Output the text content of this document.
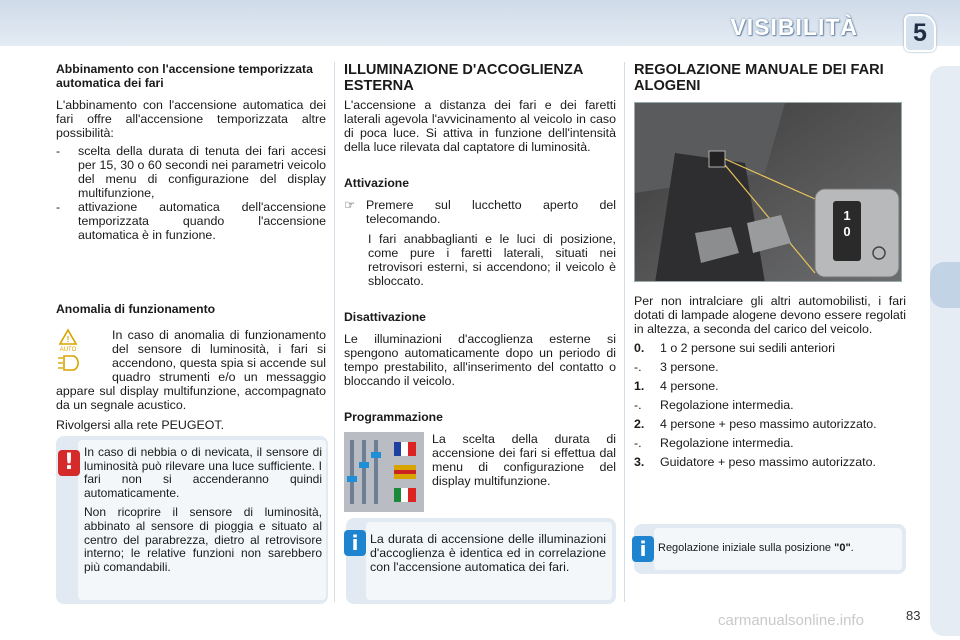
VISIBILITÀ 5

Abbinamento con l'accensione temporizzata automatica dei fari

L'abbinamento con l'accensione automatica dei fari offre all'accensione temporizzata altre possibilità:

-	scelta della durata di tenuta dei fari accesi per 15, 30 o 60 secondi nei parametri veicolo del menu di configurazione del display multifunzione,
-	attivazione automatica dell'accensione temporizzata quando l'accensione automatica è in funzione.

Anomalia di funzionamento

!
AUTO
In caso di anomalia di funzionamento del sensore di luminosità, i fari si accendono, questa spia si accende sul quadro strumenti e/o un messaggio appare sul display multifunzione, accompagnato da un segnale acustico.

Rivolgersi alla rete PEUGEOT.

! In caso di nebbia o di nevicata, il sensore di luminosità può rilevare una luce sufficiente. I fari non si accenderanno quindi automaticamente.

Non ricoprire il sensore di luminosità, abbinato al sensore di pioggia e situato al centro del parabrezza, dietro al retrovisore interno; le relative funzioni non sarebbero più comandabili.

ILLUMINAZIONE D'ACCOGLIENZA ESTERNA

L'accensione a distanza dei fari e dei faretti laterali agevola l'avvicinamento al veicolo in caso di poca luce. Si attiva in funzione dell'intensità della luce rilevata dal captatore di luminosità.

Attivazione

☞ Premere sul lucchetto aperto del telecomando.

I fari anabbaglianti e le luci di posizione, come pure i faretti laterali, situati nei retrovisori esterni, si accendono; il veicolo è sbloccato.

Disattivazione

Le illuminazioni d'accoglienza esterne si spengono automaticamente dopo un periodo di tempo prestabilito, all'inserimento del contatto o bloccando il veicolo.

Programmazione

La scelta della durata di accensione dei fari si effettua dal menu di configurazione del display multifunzione.
i La durata di accensione delle illuminazioni d'accoglienza è identica ed in correlazione con l'accensione automatica dei fari.

REGOLAZIONE MANUALE DEI FARI ALOGENI

1
0

Per non intralciare gli altri automobilisti, i fari dotati di lampade alogene devono essere regolati in altezza, a seconda del carico del veicolo.

0.	1 o 2 persone sui sedili anteriori
-.	3 persone.
1.	4 persone.
-.	Regolazione intermedia.
2.	4 persone + peso massimo autorizzato.
-.	Regolazione intermedia.
3.	Guidatore + peso massimo autorizzato.
i	Regolazione iniziale sulla posizione "0".

carmanualsonline.info	83
